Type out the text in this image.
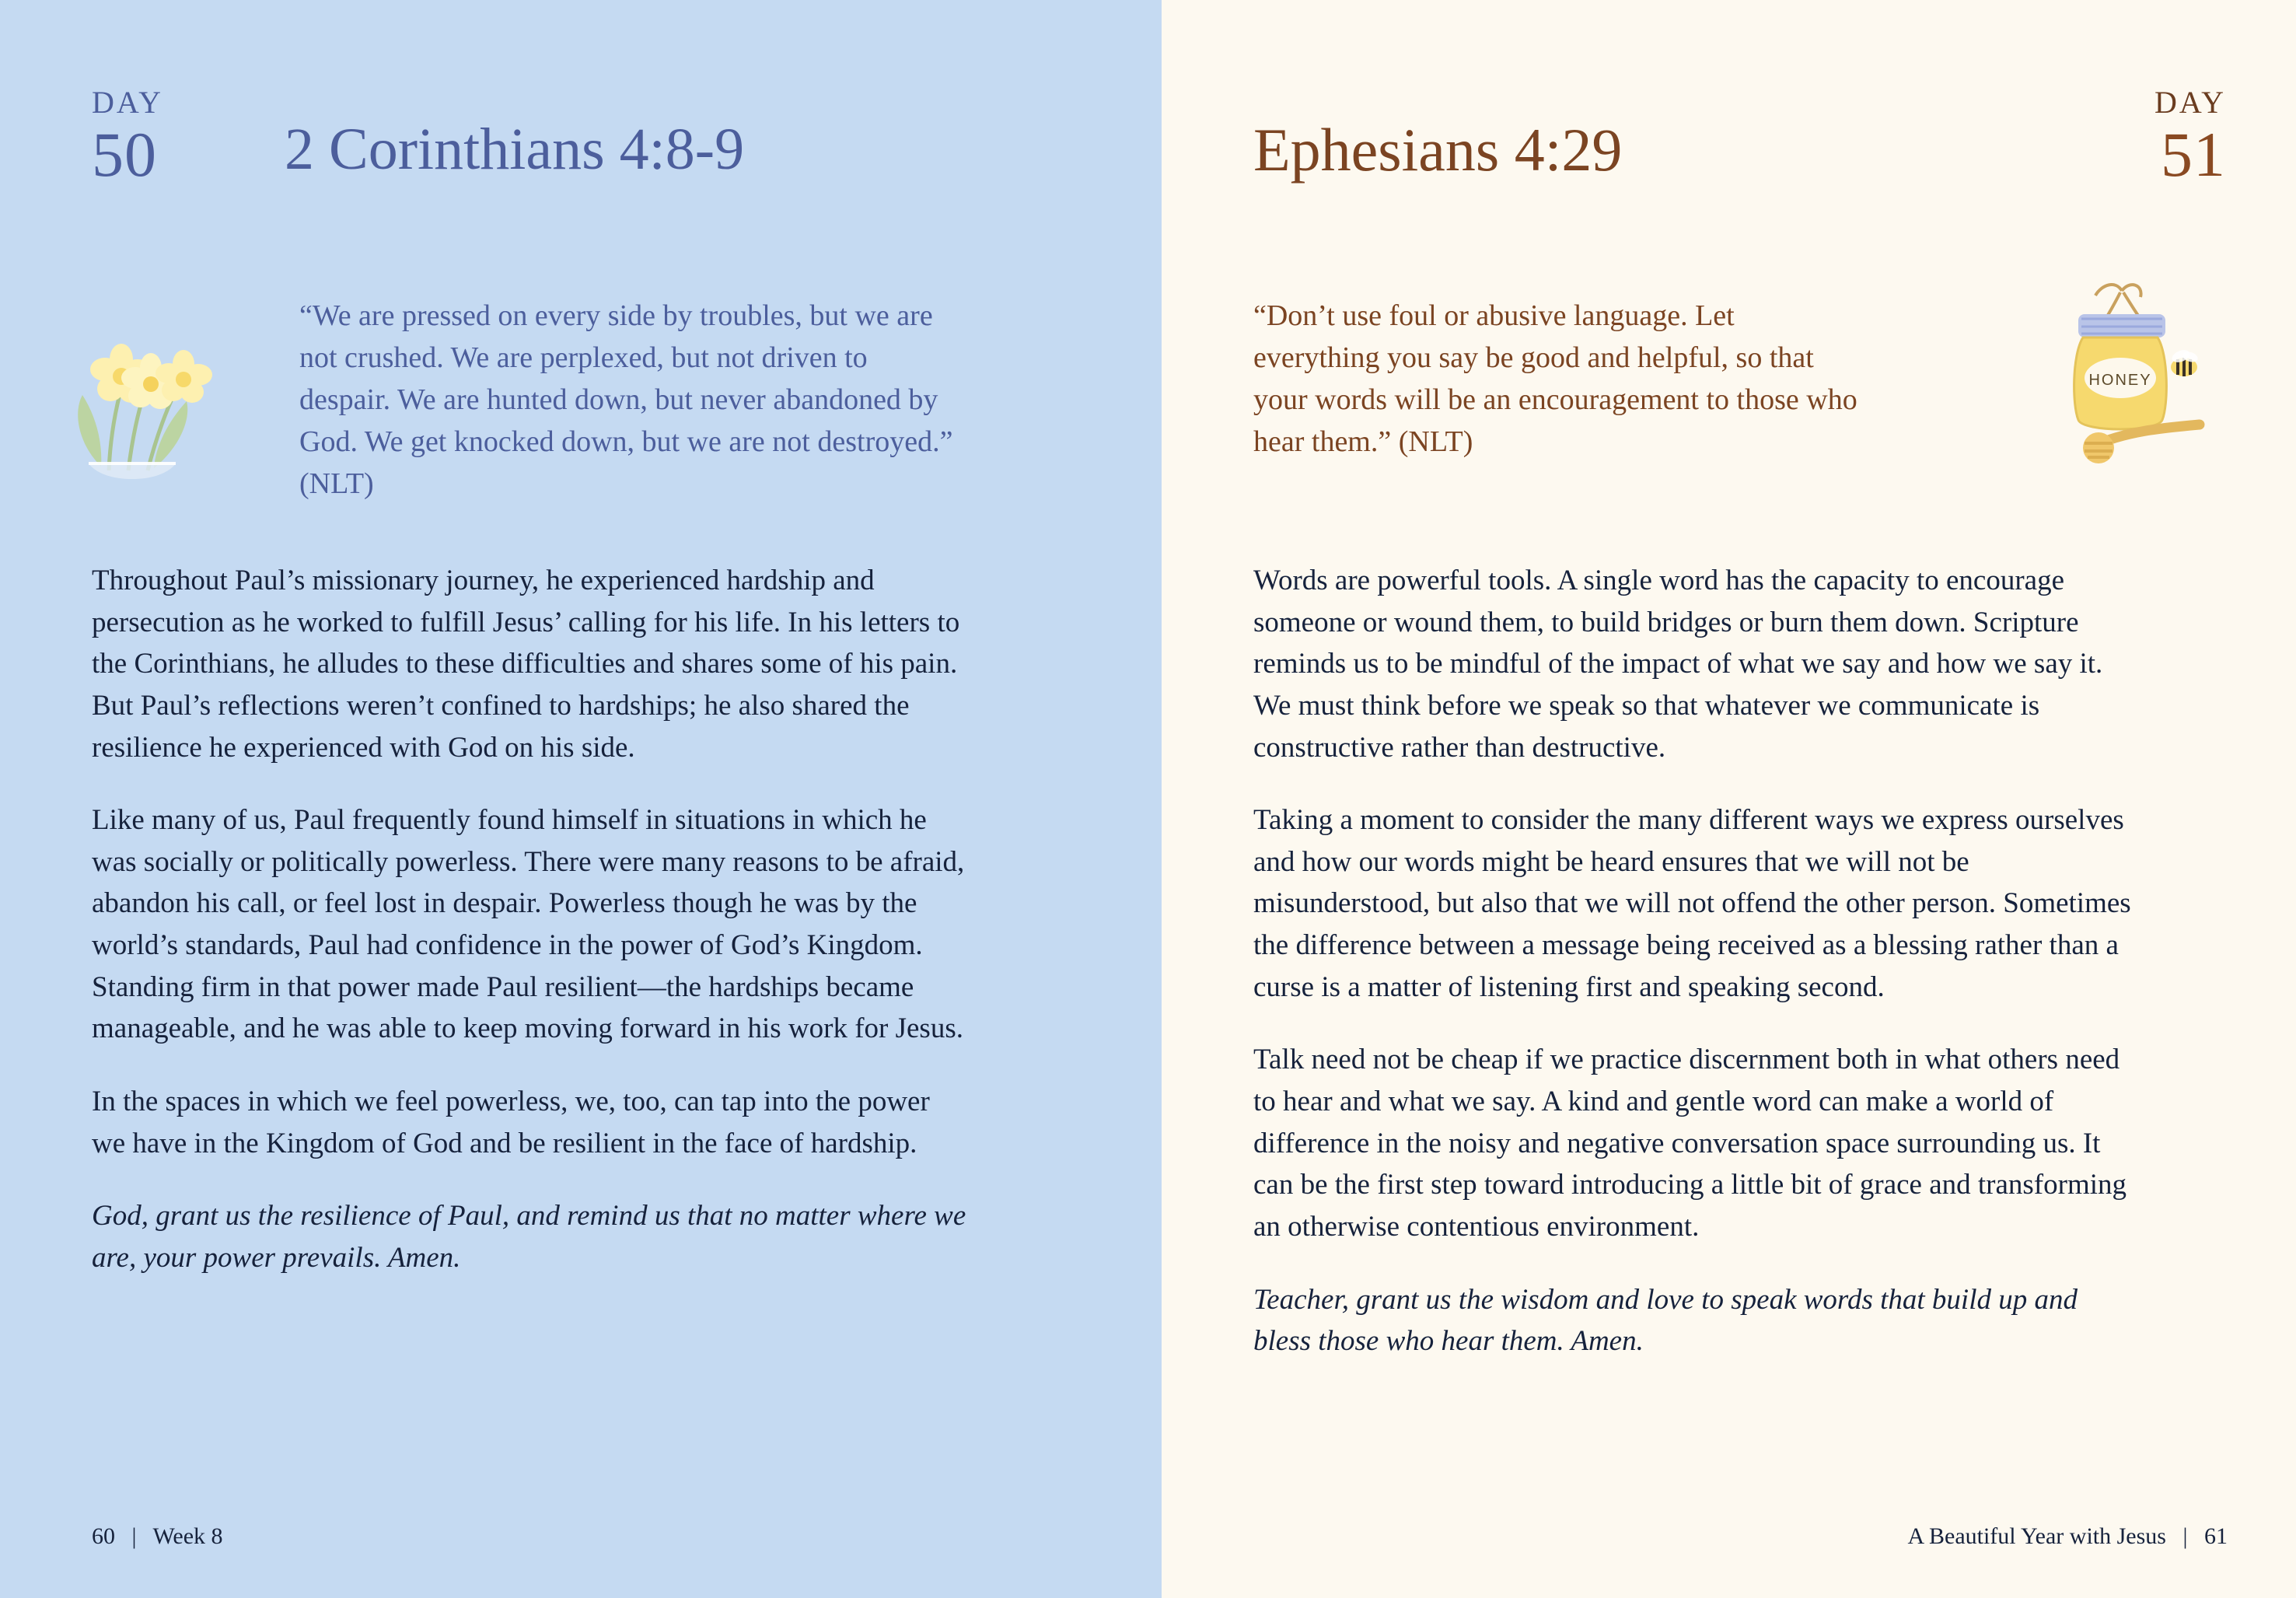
DAY
50	2 Corinthians 4:8-9
“We are pressed on every side by troubles, but we are not crushed. We are perplexed, but not driven to despair. We are hunted down, but never abandoned by God. We get knocked down, but we are not destroyed.” (NLT)

Throughout Paul’s missionary journey, he experienced hardship and persecution as he worked to fulfill Jesus’ calling for his life. In his letters to the Corinthians, he alludes to these difficulties and shares some of his pain. But Paul’s reflections weren’t confined to hardships; he also shared the resilience he experienced with God on his side.

Like many of us, Paul frequently found himself in situations in which he was socially or politically powerless. There were many reasons to be afraid, abandon his call, or feel lost in despair. Powerless though he was by the world’s standards, Paul had confidence in the power of God’s Kingdom. Standing firm in that power made Paul resilient—the hardships became manageable, and he was able to keep moving forward in his work for Jesus.

In the spaces in which we feel powerless, we, too, can tap into the power we have in the Kingdom of God and be resilient in the face of hardship.

God, grant us the resilience of Paul, and remind us that no matter where we are, your power prevails. Amen.

60 | Week 8
Ephesians 4:29
DAY
51
HONEY
“Don’t use foul or abusive language. Let everything you say be good and helpful, so that your words will be an encouragement to those who hear them.” (NLT)

Words are powerful tools. A single word has the capacity to encourage someone or wound them, to build bridges or burn them down. Scripture reminds us to be mindful of the impact of what we say and how we say it. We must think before we speak so that whatever we communicate is constructive rather than destructive.

Taking a moment to consider the many different ways we express ourselves and how our words might be heard ensures that we will not be misunderstood, but also that we will not offend the other person. Sometimes the difference between a message being received as a blessing rather than a curse is a matter of listening first and speaking second.

Talk need not be cheap if we practice discernment both in what others need to hear and what we say. A kind and gentle word can make a world of difference in the noisy and negative conversation space surrounding us. It can be the first step toward introducing a little bit of grace and transforming an otherwise contentious environment.

Teacher, grant us the wisdom and love to speak words that build up and bless those who hear them. Amen.

A Beautiful Year with Jesus | 61
